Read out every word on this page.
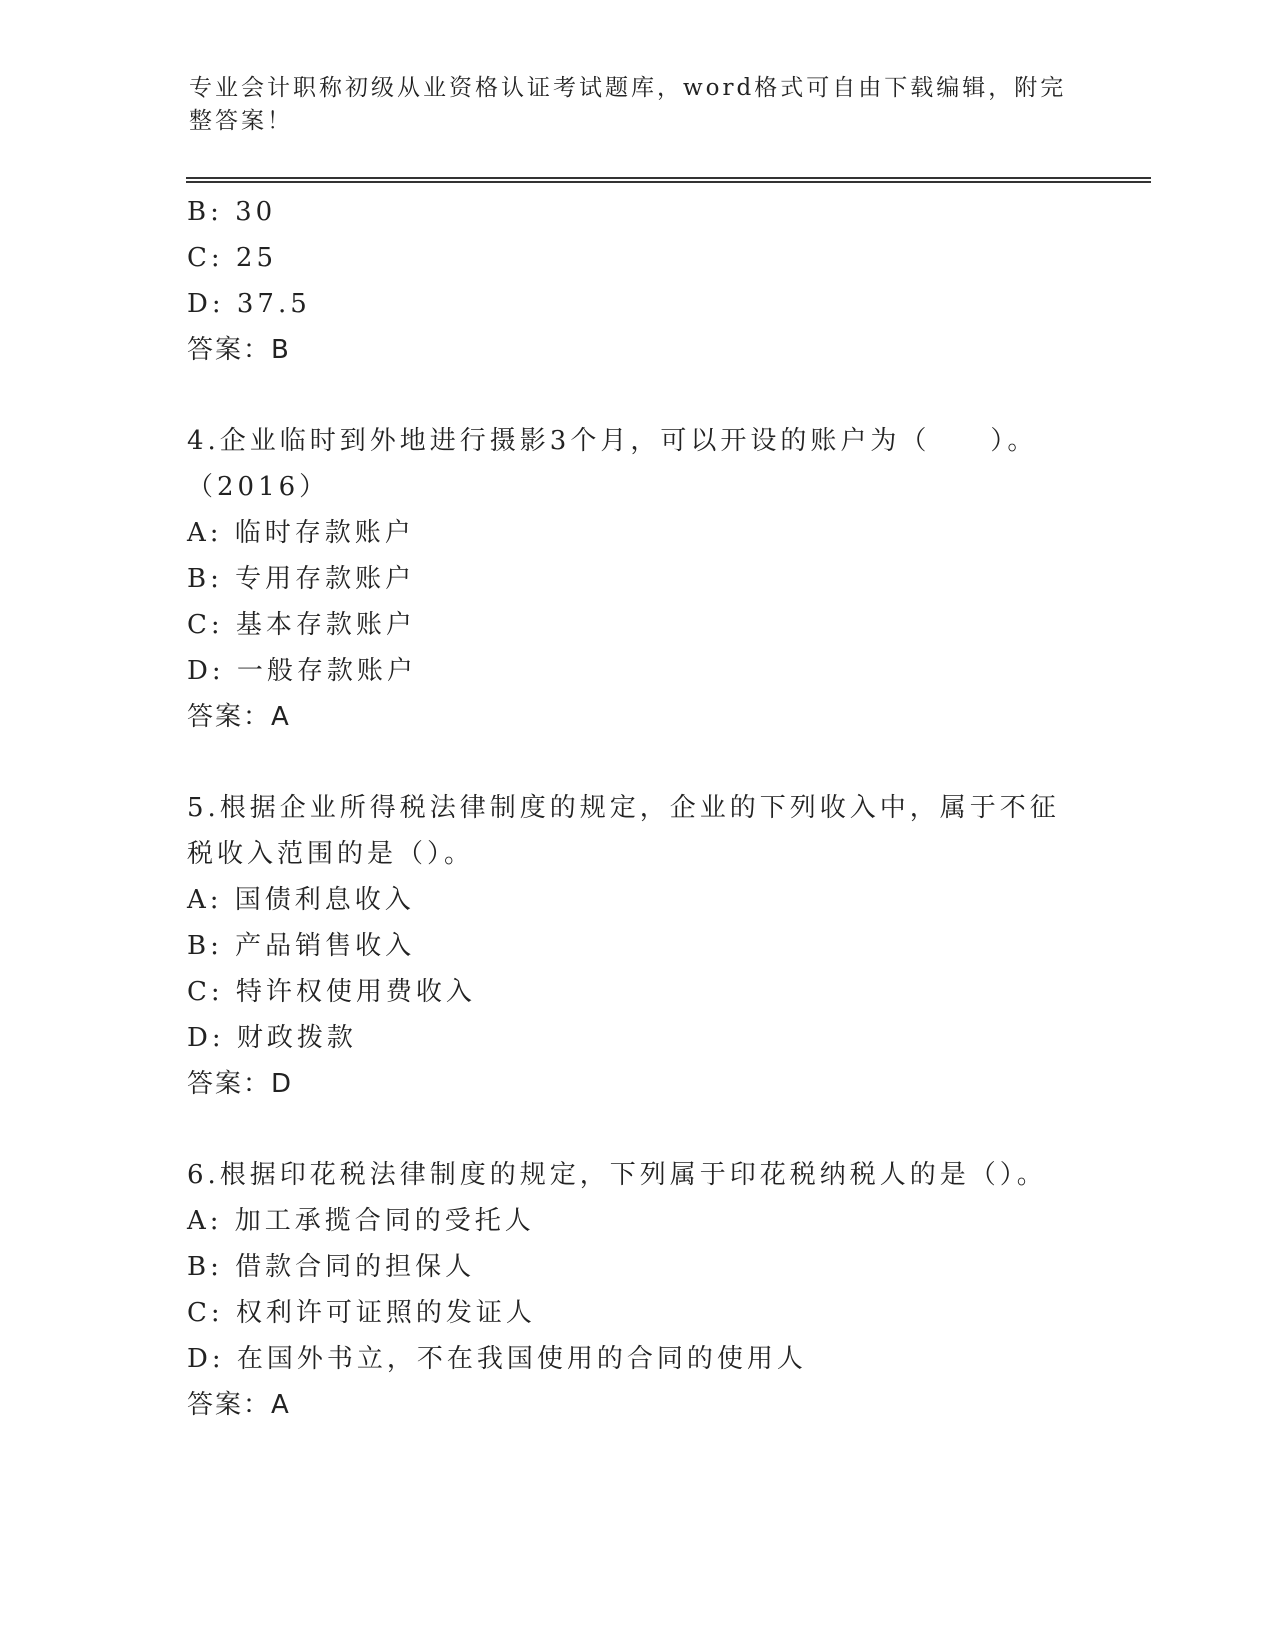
专业会计职称初级从业资格认证考试题库，word格式可自由下载编辑，附完整答案！
B: 30
C: 25
D: 37.5
答案：B
4.企业临时到外地进行摄影3个月，可以开设的账户为（　　）。（2016）
A: 临时存款账户
B: 专用存款账户
C: 基本存款账户
D: 一般存款账户
答案：A
5.根据企业所得税法律制度的规定，企业的下列收入中，属于不征税收入范围的是（）。
A: 国债利息收入
B: 产品销售收入
C: 特许权使用费收入
D: 财政拨款
答案：D
6.根据印花税法律制度的规定，下列属于印花税纳税人的是（）。
A: 加工承揽合同的受托人
B: 借款合同的担保人
C: 权利许可证照的发证人
D: 在国外书立，不在我国使用的合同的使用人
答案：A
